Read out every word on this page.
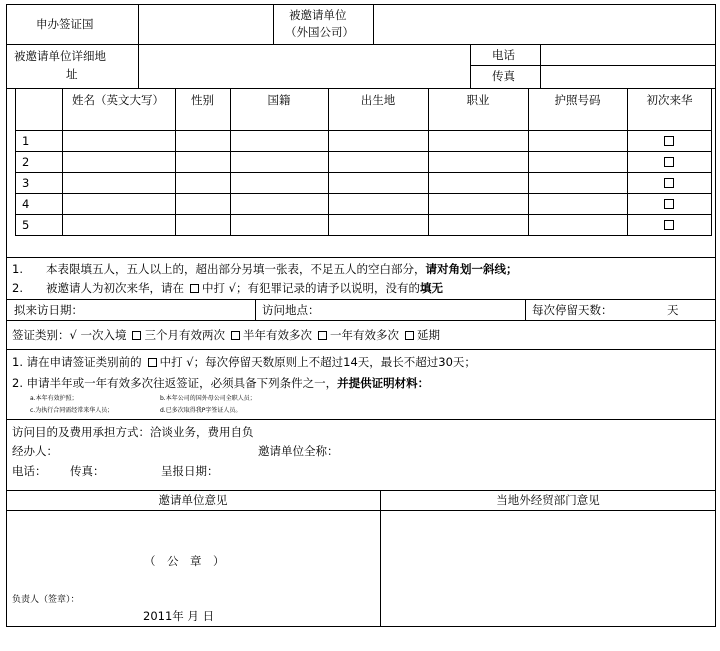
申办签证国
被邀请单位
（外国公司）
被邀请单位详细地
址
电话
传真
姓名（英文大写）	性别	国籍	出生地	职业	护照号码	初次来华
1
2
3
4
5
1.　　本表限填五人，五人以上的，超出部分另填一张表，不足五人的空白部分，请对角划一斜线；
2.　　被邀请人为初次来华，请在 中打 √；有犯罪记录的请予以说明，没有的填无
拟来访日期：	访问地点：	每次停留天数：	天
签证类别：√ 一次入境 三个月有效两次 半年有效多次 一年有效多次 延期
1. 请在申请签证类别前的 中打 √；每次停留天数原则上不超过14天，最长不超过30天；
2. 申请半年或一年有效多次往返签证，必须具备下列条件之一，并提供证明材料：
a.本年有效护照；	b.本年公司的国外母公司全职人员；
c.为执行合同需经常来华人员；	d.已多次取得我P字签证人员。
访问目的及费用承担方式：洽谈业务，费用自负
经办人：	邀请单位全称：
电话： 传真：	呈报日期：
邀请单位意见	当地外经贸部门意见
（　公　章　）
负责人（签章）：
2011年 月 日
